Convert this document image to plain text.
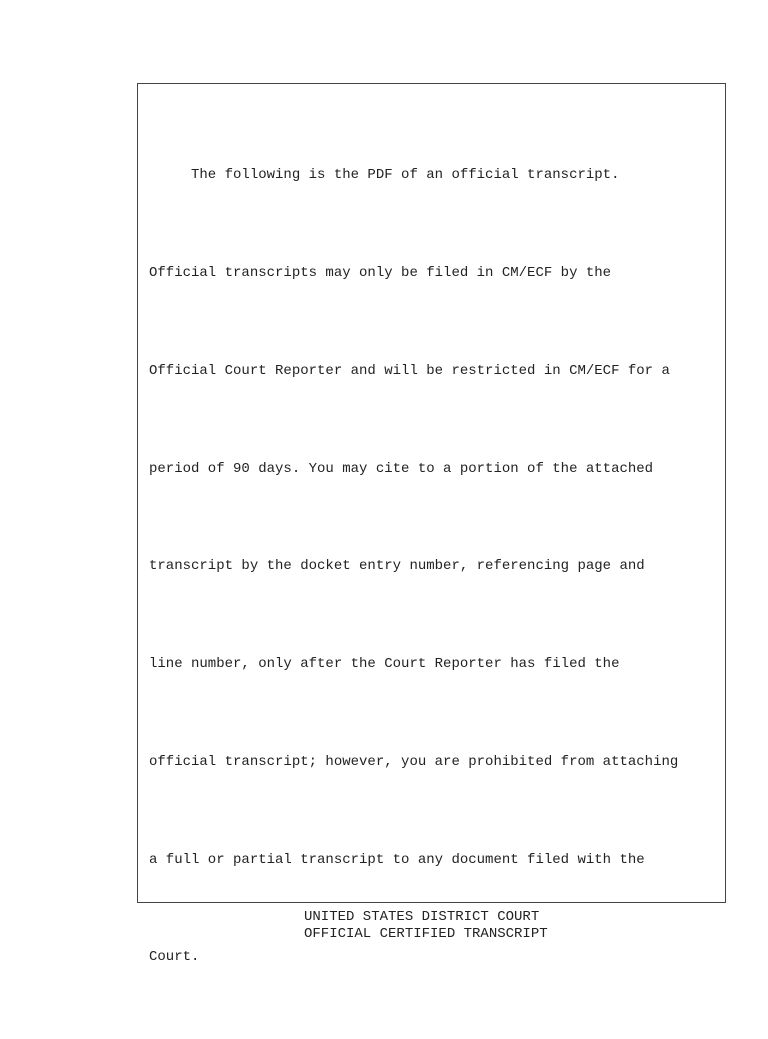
The following is the PDF of an official transcript.

Official transcripts may only be filed in CM/ECF by the

Official Court Reporter and will be restricted in CM/ECF for a

period of 90 days. You may cite to a portion of the attached

transcript by the docket entry number, referencing page and

line number, only after the Court Reporter has filed the

official transcript; however, you are prohibited from attaching

a full or partial transcript to any document filed with the

Court.

UNITED STATES DISTRICT COURT
OFFICIAL CERTIFIED TRANSCRIPT
